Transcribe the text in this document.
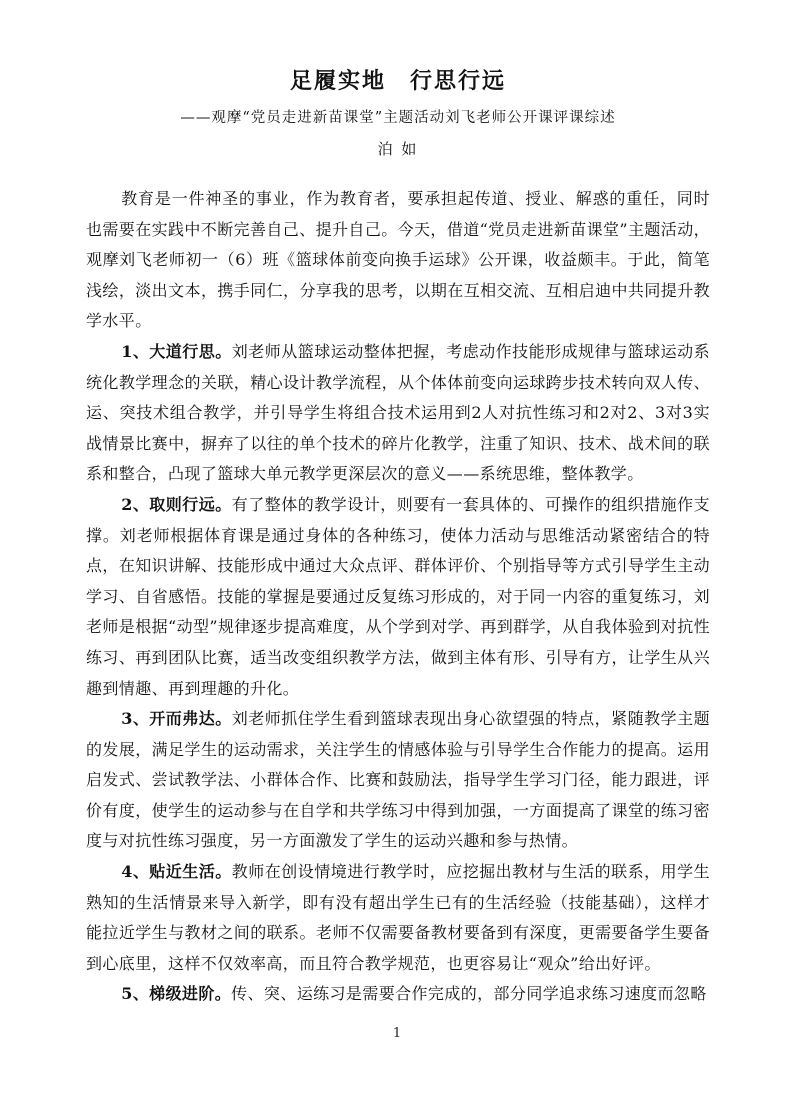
足履实地　行思行远
——观摩“党员走进新苗课堂”主题活动刘飞老师公开课评课综述
泊 如

教育是一件神圣的事业，作为教育者，要承担起传道、授业、解惑的重任，同时也需要在实践中不断完善自己、提升自己。今天，借道“党员走进新苗课堂”主题活动，观摩刘飞老师初一（6）班《篮球体前变向换手运球》公开课，收益颇丰。于此，简笔浅绘，淡出文本，携手同仁，分享我的思考，以期在互相交流、互相启迪中共同提升教学水平。

1、大道行思。刘老师从篮球运动整体把握，考虑动作技能形成规律与篮球运动系统化教学理念的关联，精心设计教学流程，从个体体前变向运球跨步技术转向双人传、运、突技术组合教学，并引导学生将组合技术运用到2人对抗性练习和2对2、3对3实战情景比赛中，摒弃了以往的单个技术的碎片化教学，注重了知识、技术、战术间的联系和整合，凸现了篮球大单元教学更深层次的意义——系统思维，整体教学。

2、取则行远。有了整体的教学设计，则要有一套具体的、可操作的组织措施作支撑。刘老师根据体育课是通过身体的各种练习，使体力活动与思维活动紧密结合的特点，在知识讲解、技能形成中通过大众点评、群体评价、个别指导等方式引导学生主动学习、自省感悟。技能的掌握是要通过反复练习形成的，对于同一内容的重复练习，刘老师是根据“动型”规律逐步提高难度，从个学到对学、再到群学，从自我体验到对抗性练习、再到团队比赛，适当改变组织教学方法，做到主体有形、引导有方，让学生从兴趣到情趣、再到理趣的升化。

3、开而弗达。刘老师抓住学生看到篮球表现出身心欲望强的特点，紧随教学主题的发展，满足学生的运动需求，关注学生的情感体验与引导学生合作能力的提高。运用启发式、尝试教学法、小群体合作、比赛和鼓励法，指导学生学习门径，能力跟进，评价有度，使学生的运动参与在自学和共学练习中得到加强，一方面提高了课堂的练习密度与对抗性练习强度，另一方面激发了学生的运动兴趣和参与热情。

4、贴近生活。教师在创设情境进行教学时，应挖掘出教材与生活的联系，用学生熟知的生活情景来导入新学，即有没有超出学生已有的生活经验（技能基础），这样才能拉近学生与教材之间的联系。老师不仅需要备教材要备到有深度，更需要备学生要备到心底里，这样不仅效率高，而且符合教学规范，也更容易让“观众”给出好评。

5、梯级进阶。传、突、运练习是需要合作完成的，部分同学追求练习速度而忽略

1
